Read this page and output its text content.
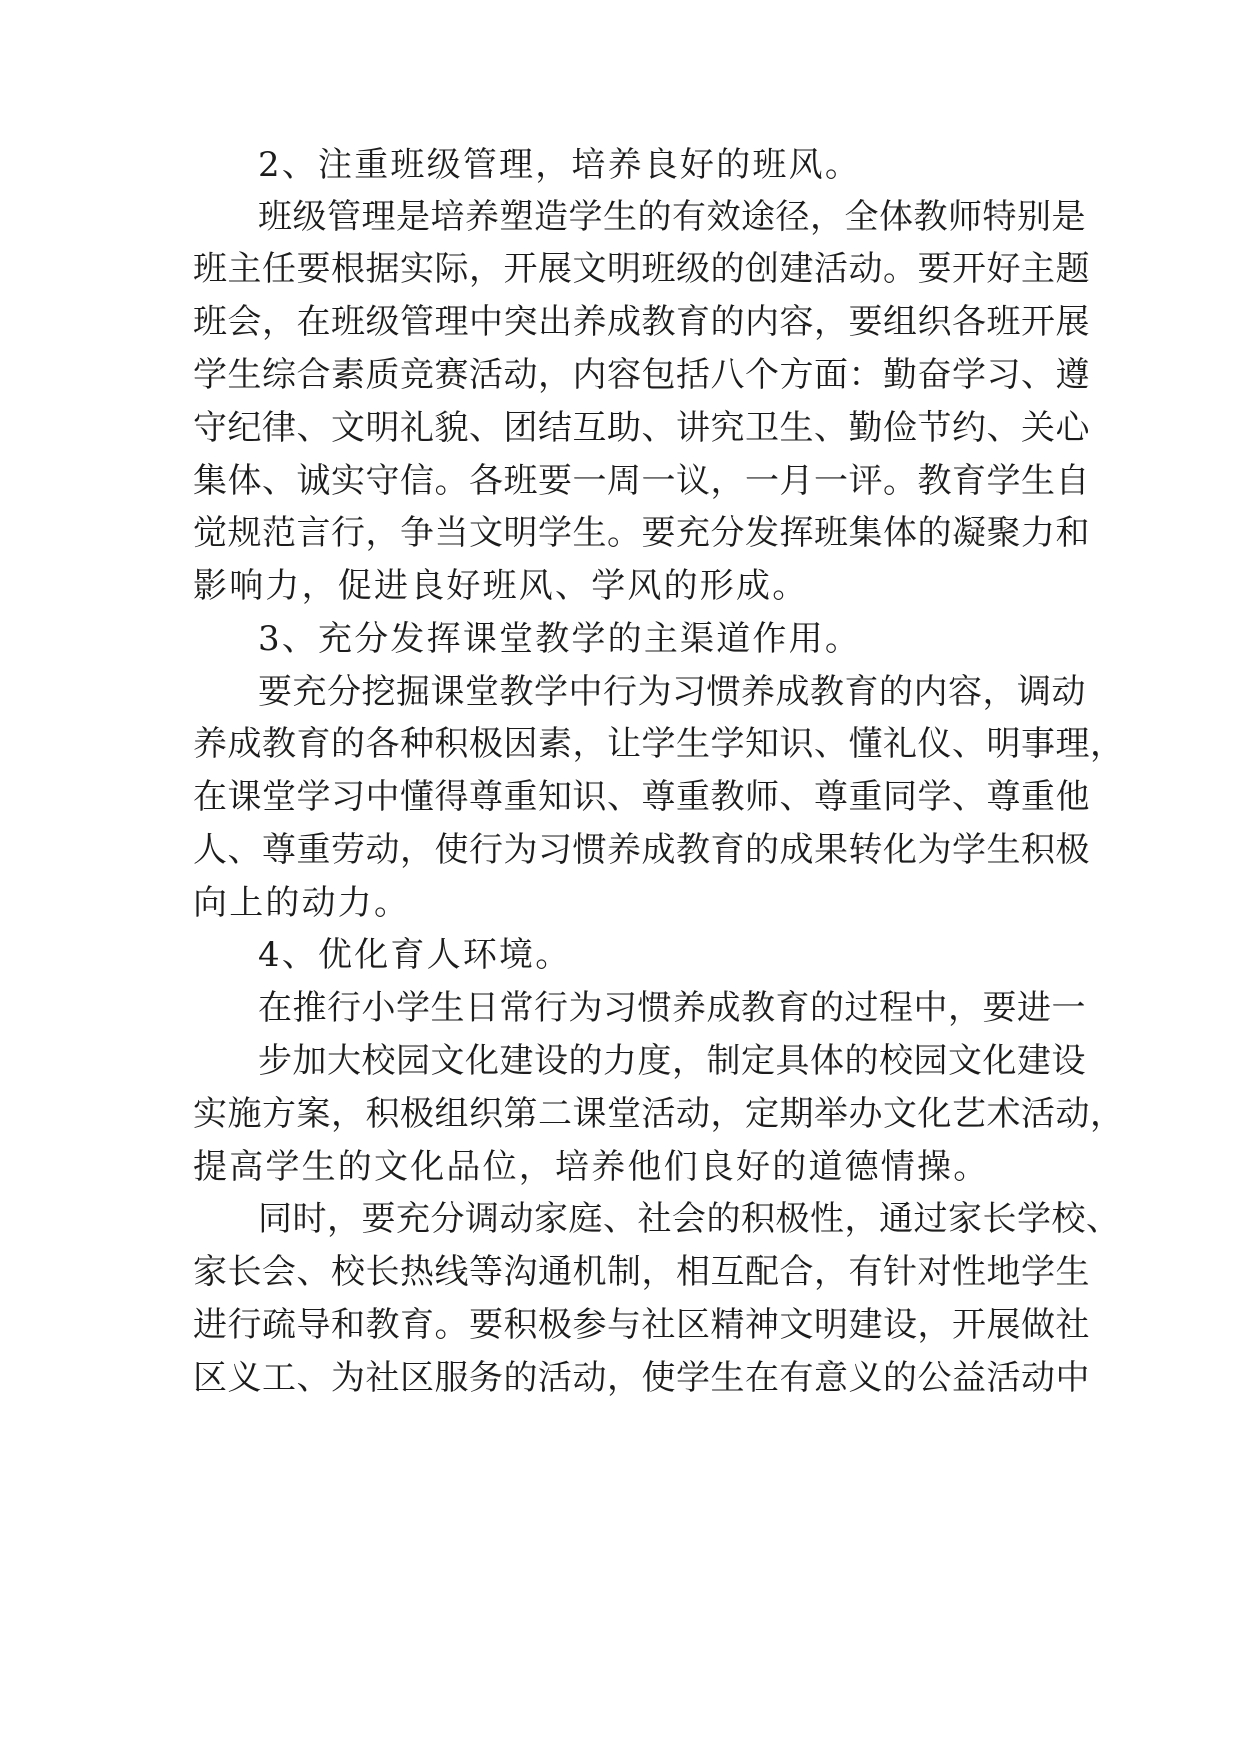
2、注重班级管理，培养良好的班风。
班级管理是培养塑造学生的有效途径，全体教师特别是
班主任要根据实际，开展文明班级的创建活动。要开好主题
班会，在班级管理中突出养成教育的内容，要组织各班开展
学生综合素质竞赛活动，内容包括八个方面：勤奋学习、遵
守纪律、文明礼貌、团结互助、讲究卫生、勤俭节约、关心
集体、诚实守信。各班要一周一议，一月一评。教育学生自
觉规范言行，争当文明学生。要充分发挥班集体的凝聚力和
影响力，促进良好班风、学风的形成。
3、充分发挥课堂教学的主渠道作用。
要充分挖掘课堂教学中行为习惯养成教育的内容，调动
养成教育的各种积极因素，让学生学知识、懂礼仪、明事理，
在课堂学习中懂得尊重知识、尊重教师、尊重同学、尊重他
人、尊重劳动，使行为习惯养成教育的成果转化为学生积极
向上的动力。
4、优化育人环境。
在推行小学生日常行为习惯养成教育的过程中，要进一
步加大校园文化建设的力度，制定具体的校园文化建设
实施方案，积极组织第二课堂活动，定期举办文化艺术活动，
提高学生的文化品位，培养他们良好的道德情操。
同时，要充分调动家庭、社会的积极性，通过家长学校、
家长会、校长热线等沟通机制，相互配合，有针对性地学生
进行疏导和教育。要积极参与社区精神文明建设，开展做社
区义工、为社区服务的活动，使学生在有意义的公益活动中
